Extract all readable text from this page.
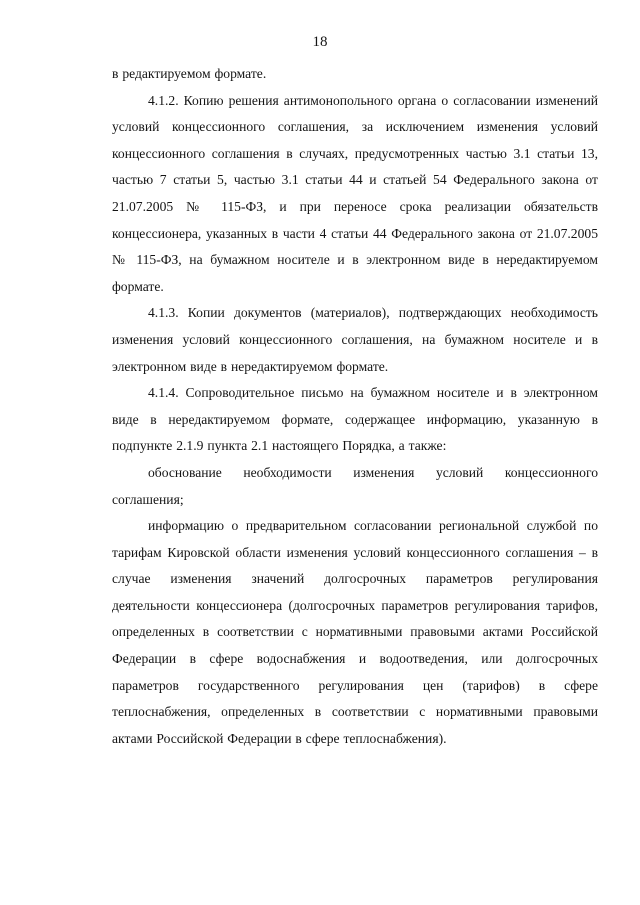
18

в редактируемом формате.

4.1.2. Копию решения антимонопольного органа о согласовании изменений условий концессионного соглашения, за исключением изменения условий концессионного соглашения в случаях, предусмотренных частью 3.1 статьи 13, частью 7 статьи 5, частью 3.1 статьи 44 и статьей 54 Федерального закона от 21.07.2005 № 115-ФЗ, и при переносе срока реализации обязательств концессионера, указанных в части 4 статьи 44 Федерального закона от 21.07.2005 № 115-ФЗ, на бумажном носителе и в электронном виде в нередактируемом формате.

4.1.3. Копии документов (материалов), подтверждающих необходимость изменения условий концессионного соглашения, на бумажном носителе и в электронном виде в нередактируемом формате.

4.1.4. Сопроводительное письмо на бумажном носителе и в электронном виде в нередактируемом формате, содержащее информацию, указанную в подпункте 2.1.9 пункта 2.1 настоящего Порядка, а также:

обоснование необходимости изменения условий концессионного соглашения;

информацию о предварительном согласовании региональной службой по тарифам Кировской области изменения условий концессионного соглашения – в случае изменения значений долгосрочных параметров регулирования деятельности концессионера (долгосрочных параметров регулирования тарифов, определенных в соответствии с нормативными правовыми актами Российской Федерации в сфере водоснабжения и водоотведения, или долгосрочных параметров государственного регулирования цен (тарифов) в сфере теплоснабжения, определенных в соответствии с нормативными правовыми актами Российской Федерации в сфере теплоснабжения).
